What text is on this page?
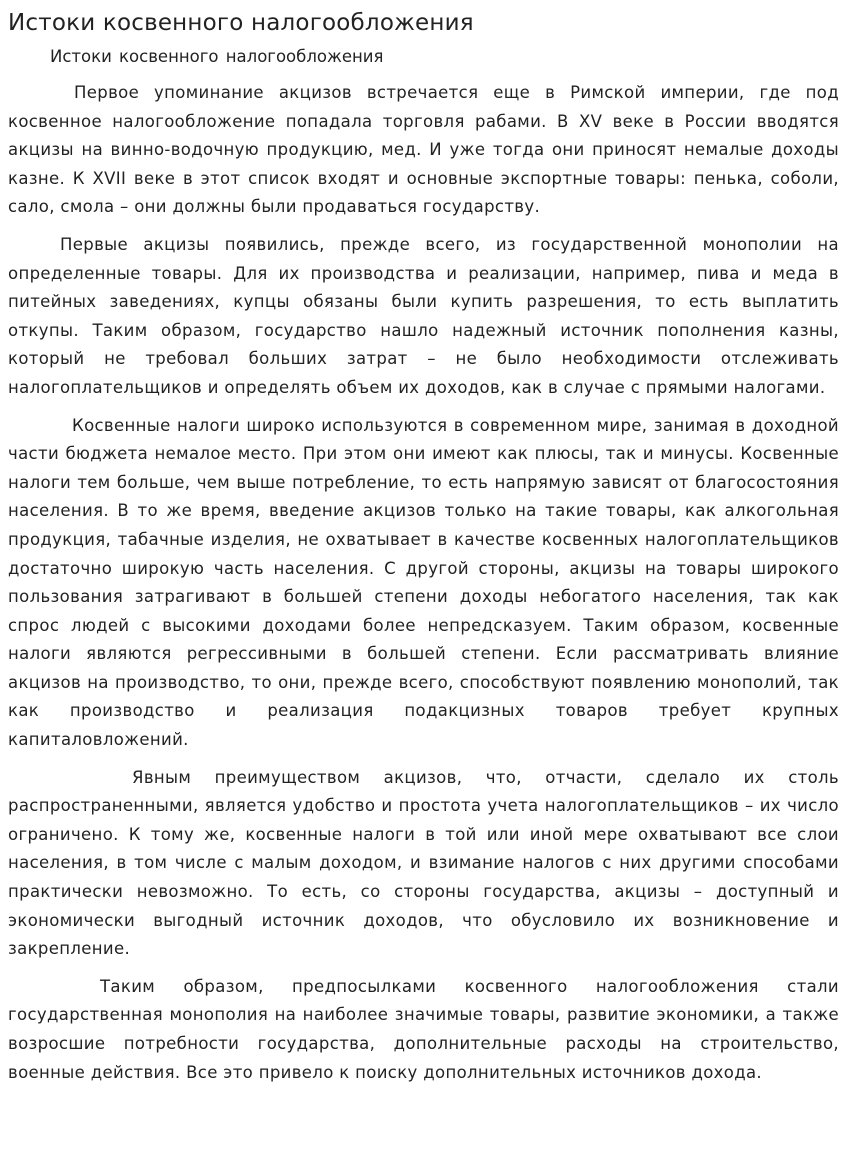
Истоки косвенного налогообложения

Истоки косвенного налогообложения

Первое упоминание акцизов встречается еще в Римской империи, где под косвенное налогообложение попадала торговля рабами. В XV веке в России вводятся акцизы на винно-водочную продукцию, мед. И уже тогда они приносят немалые доходы казне. К XVII веке в этот список входят и основные экспортные товары: пенька, соболи, сало, смола – они должны были продаваться государству.

Первые акцизы появились, прежде всего, из государственной монополии на определенные товары. Для их производства и реализации, например, пива и меда в питейных заведениях, купцы обязаны были купить разрешения, то есть выплатить откупы. Таким образом, государство нашло надежный источник пополнения казны, который не требовал больших затрат – не было необходимости отслеживать налогоплательщиков и определять объем их доходов, как в случае с прямыми налогами.

Косвенные налоги широко используются в современном мире, занимая в доходной части бюджета немалое место. При этом они имеют как плюсы, так и минусы. Косвенные налоги тем больше, чем выше потребление, то есть напрямую зависят от благосостояния населения. В то же время, введение акцизов только на такие товары, как алкогольная продукция, табачные изделия, не охватывает в качестве косвенных налогоплательщиков достаточно широкую часть населения. С другой стороны, акцизы на товары широкого пользования затрагивают в большей степени доходы небогатого населения, так как спрос людей с высокими доходами более непредсказуем. Таким образом, косвенные налоги являются регрессивными в большей степени. Если рассматривать влияние акцизов на производство, то они, прежде всего, способствуют появлению монополий, так как производство и реализация подакцизных товаров требует крупных капиталовложений.

Явным преимуществом акцизов, что, отчасти, сделало их столь распространенными, является удобство и простота учета налогоплательщиков – их число ограничено. К тому же, косвенные налоги в той или иной мере охватывают все слои населения, в том числе с малым доходом, и взимание налогов с них другими способами практически невозможно. То есть, со стороны государства, акцизы – доступный и экономически выгодный источник доходов, что обусловило их возникновение и закрепление.

Таким образом, предпосылками косвенного налогообложения стали государственная монополия на наиболее значимые товары, развитие экономики, а также возросшие потребности государства, дополнительные расходы на строительство, военные действия. Все это привело к поиску дополнительных источников дохода.
